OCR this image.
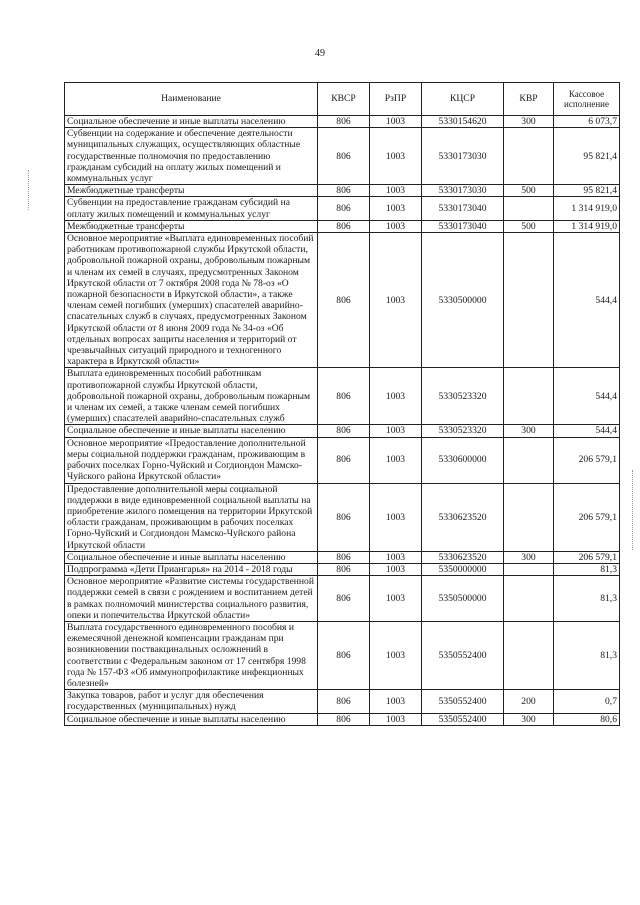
49
Наименование	КВСР	РзПР	КЦСР	КВР	Кассовое исполнение
Социальное обеспечение и иные выплаты населению	806	1003	5330154620	300	6 073,7
Субвенции на содержание и обеспечение деятельности муниципальных служащих, осуществляющих областные государственные полномочия по предоставлению гражданам субсидий на оплату жилых помещений и коммунальных услуг	806	1003	5330173030		95 821,4
Межбюджетные трансферты	806	1003	5330173030	500	95 821,4
Субвенции на предоставление гражданам субсидий на оплату жилых помещений и коммунальных услуг	806	1003	5330173040		1 314 919,0
Межбюджетные трансферты	806	1003	5330173040	500	1 314 919,0
Основное мероприятие «Выплата единовременных пособий работникам противопожарной службы Иркутской области, добровольной пожарной охраны, добровольным пожарным и членам их семей в случаях, предусмотренных Законом Иркутской области от 7 октября 2008 года № 78-оз «О пожарной безопасности в Иркутской области», а также членам семей погибших (умерших) спасателей аварийно-спасательных служб в случаях, предусмотренных Законом Иркутской области от 8 июня 2009 года № 34-оз «Об отдельных вопросах защиты населения и территорий от чрезвычайных ситуаций природного и техногенного характера в Иркутской области»	806	1003	5330500000		544,4
Выплата единовременных пособий работникам противопожарной службы Иркутской области, добровольной пожарной охраны, добровольным пожарным и членам их семей, а также членам семей погибших (умерших) спасателей аварийно-спасательных служб	806	1003	5330523320		544,4
Социальное обеспечение и иные выплаты населению	806	1003	5330523320	300	544,4
Основное мероприятие «Предоставление дополнительной меры социальной поддержки гражданам, проживающим в рабочих поселках Горно-Чуйский и Согдиондон Мамско-Чуйского района Иркутской области»	806	1003	5330600000		206 579,1
Предоставление дополнительной меры социальной поддержки в виде единовременной социальной выплаты на приобретение жилого помещения на территории Иркутской области гражданам, проживающим в рабочих поселках Горно-Чуйский и Согдиондон Мамско-Чуйского района Иркутской области	806	1003	5330623520		206 579,1
Социальное обеспечение и иные выплаты населению	806	1003	5330623520	300	206 579,1
Подпрограмма «Дети Приангарья» на 2014 - 2018 годы	806	1003	5350000000		81,3
Основное мероприятие «Развитие системы государственной поддержки семей в связи с рождением и воспитанием детей в рамках полномочий министерства социального развития, опеки и попечительства Иркутской области»	806	1003	5350500000		81,3
Выплата государственного единовременного пособия и ежемесячной денежной компенсации гражданам при возникновении поствакцинальных осложнений в соответствии с Федеральным законом от 17 сентября 1998 года № 157-ФЗ «Об иммунопрофилактике инфекционных болезней»	806	1003	5350552400		81,3
Закупка товаров, работ и услуг для обеспечения государственных (муниципальных) нужд	806	1003	5350552400	200	0,7
Социальное обеспечение и иные выплаты населению	806	1003	5350552400	300	80,6
